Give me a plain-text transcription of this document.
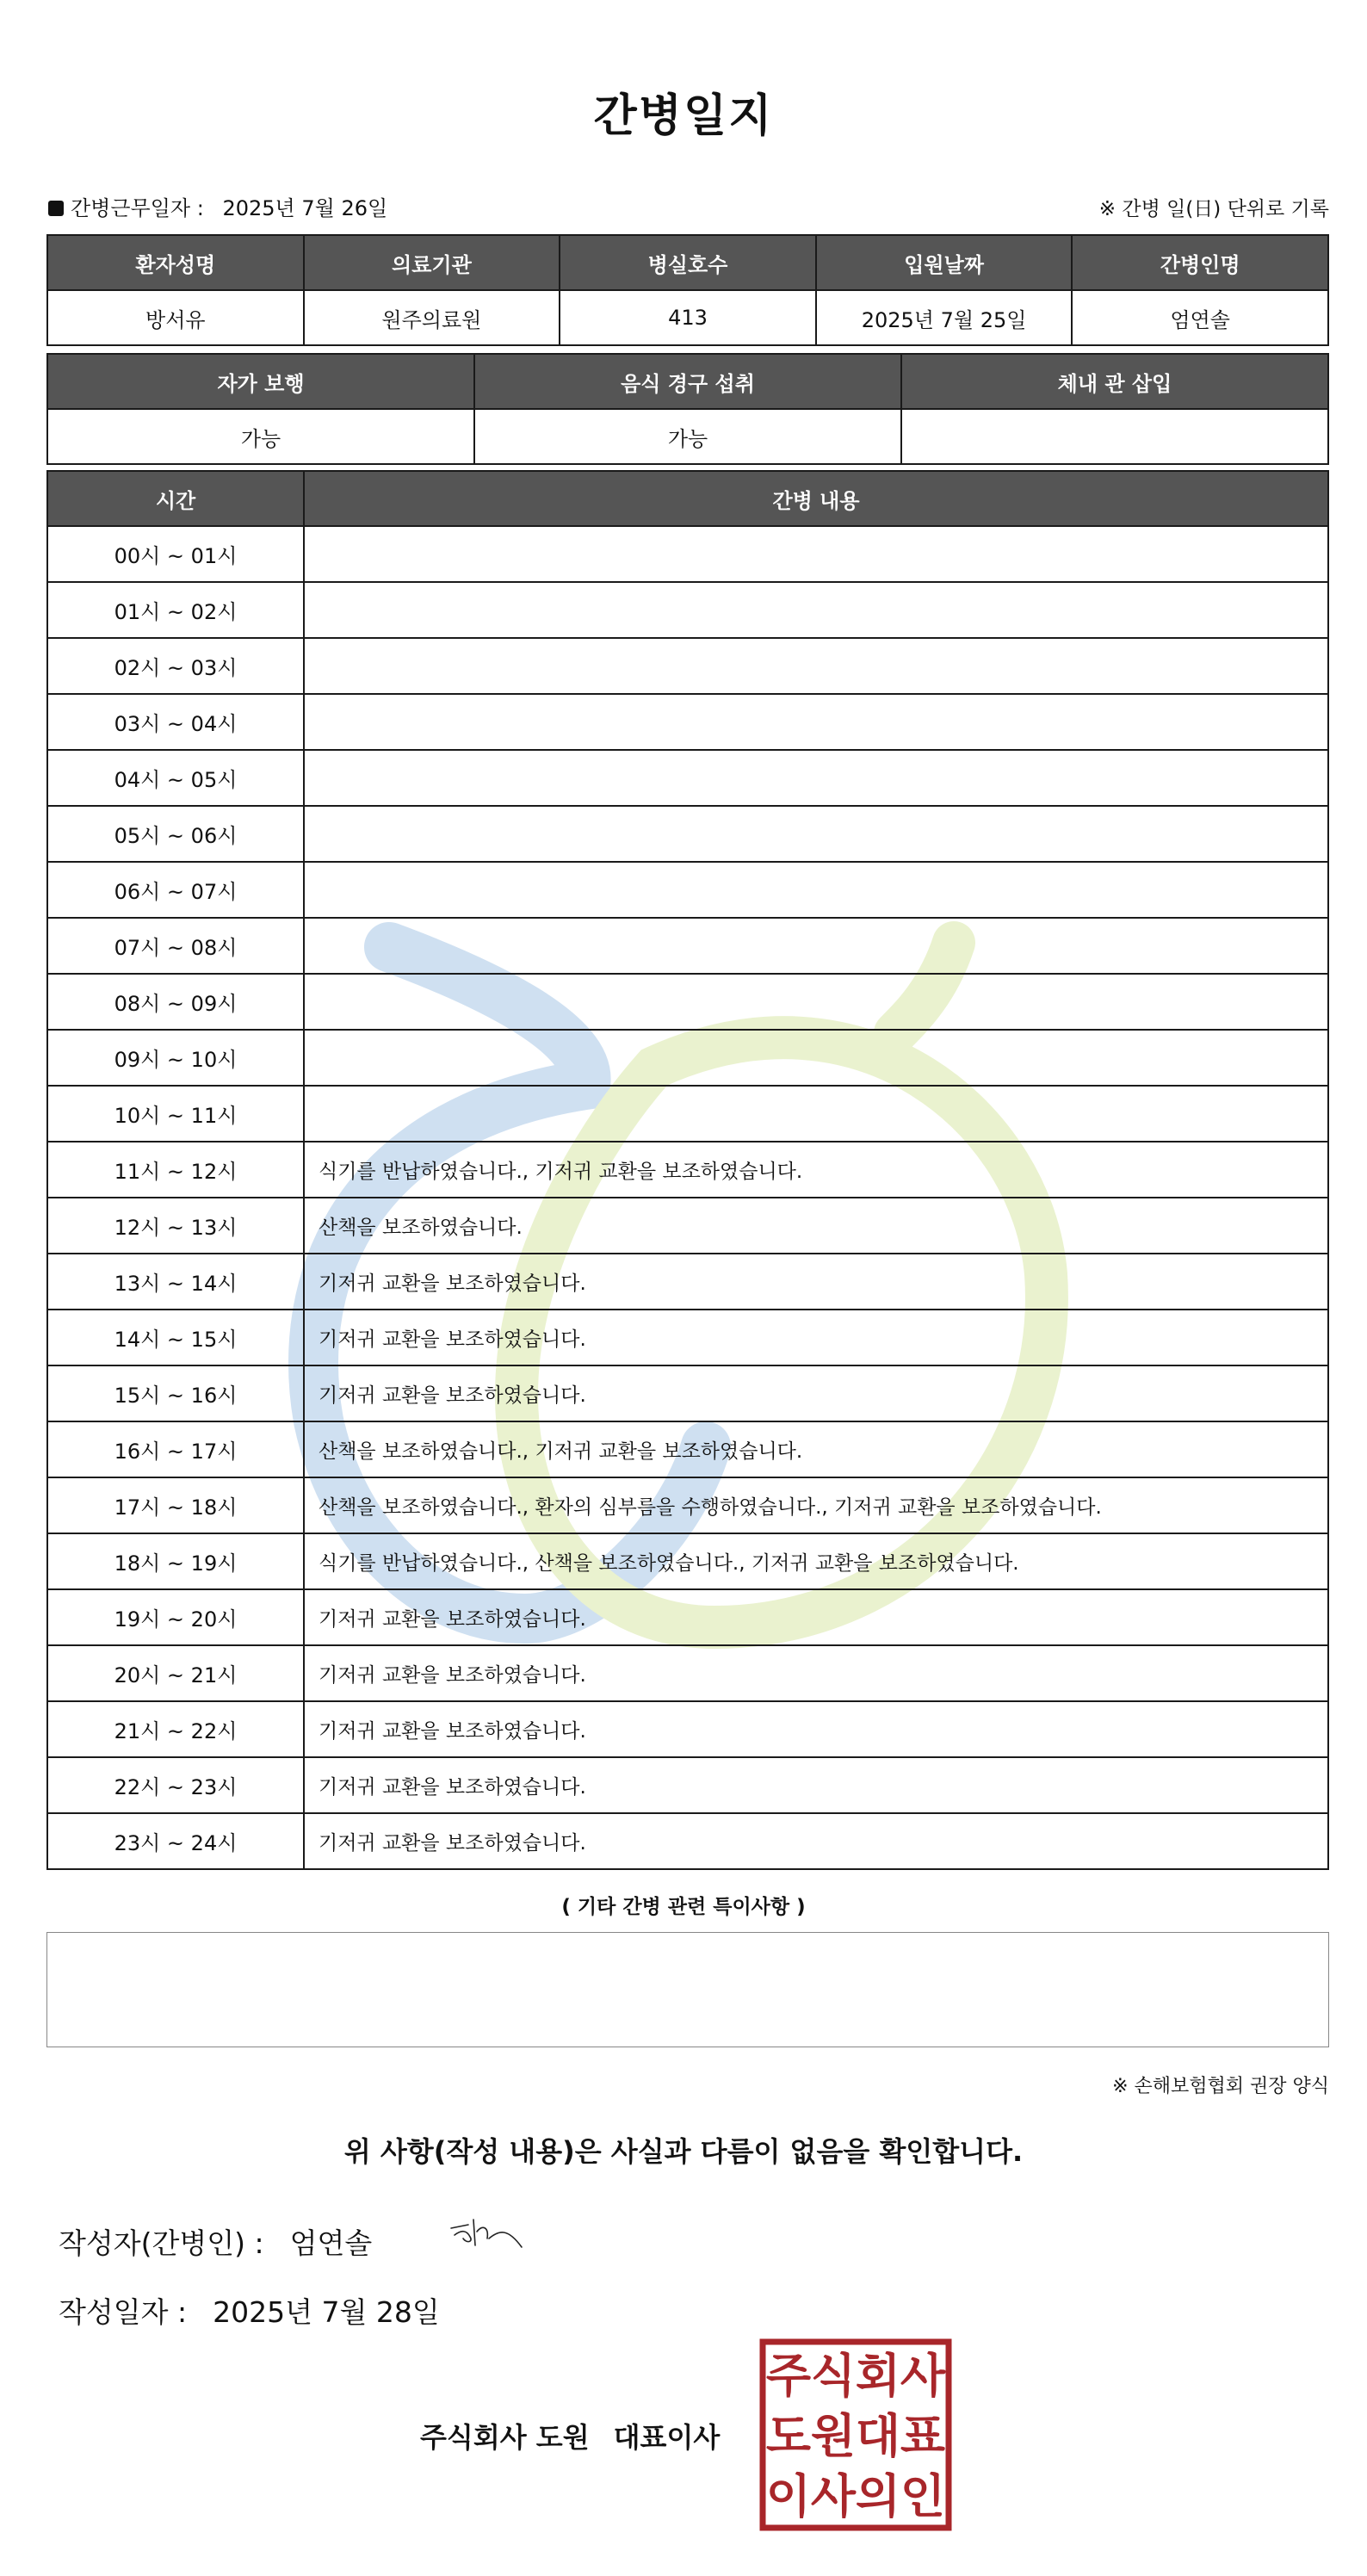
간병일지
간병근무일자 : 2025년 7월 26일	※ 간병 일(日) 단위로 기록
환자성명	의료기관	병실호수	입원날짜	간병인명
방서유	원주의료원	413	2025년 7월 25일	엄연솔
자가 보행	음식 경구 섭취	체내 관 삽입
가능	가능	
시간	간병 내용
00시 ~ 01시	
01시 ~ 02시	
02시 ~ 03시	
03시 ~ 04시	
04시 ~ 05시	
05시 ~ 06시	
06시 ~ 07시	
07시 ~ 08시	
08시 ~ 09시	
09시 ~ 10시	
10시 ~ 11시	
11시 ~ 12시	식기를 반납하였습니다., 기저귀 교환을 보조하였습니다.
12시 ~ 13시	산책을 보조하였습니다.
13시 ~ 14시	기저귀 교환을 보조하였습니다.
14시 ~ 15시	기저귀 교환을 보조하였습니다.
15시 ~ 16시	기저귀 교환을 보조하였습니다.
16시 ~ 17시	산책을 보조하였습니다., 기저귀 교환을 보조하였습니다.
17시 ~ 18시	산책을 보조하였습니다., 환자의 심부름을 수행하였습니다., 기저귀 교환을 보조하였습니다.
18시 ~ 19시	식기를 반납하였습니다., 산책을 보조하였습니다., 기저귀 교환을 보조하였습니다.
19시 ~ 20시	기저귀 교환을 보조하였습니다.
20시 ~ 21시	기저귀 교환을 보조하였습니다.
21시 ~ 22시	기저귀 교환을 보조하였습니다.
22시 ~ 23시	기저귀 교환을 보조하였습니다.
23시 ~ 24시	기저귀 교환을 보조하였습니다.
( 기타 간병 관련 특이사항 )
※ 손해보험협회 권장 양식
위 사항(작성 내용)은 사실과 다름이 없음을 확인합니다.
작성자(간병인) : 엄연솔
작성일자 : 2025년 7월 28일
주식회사 도원 대표이사
주 식 회 사
도 원 대 표
이 사 의 인
